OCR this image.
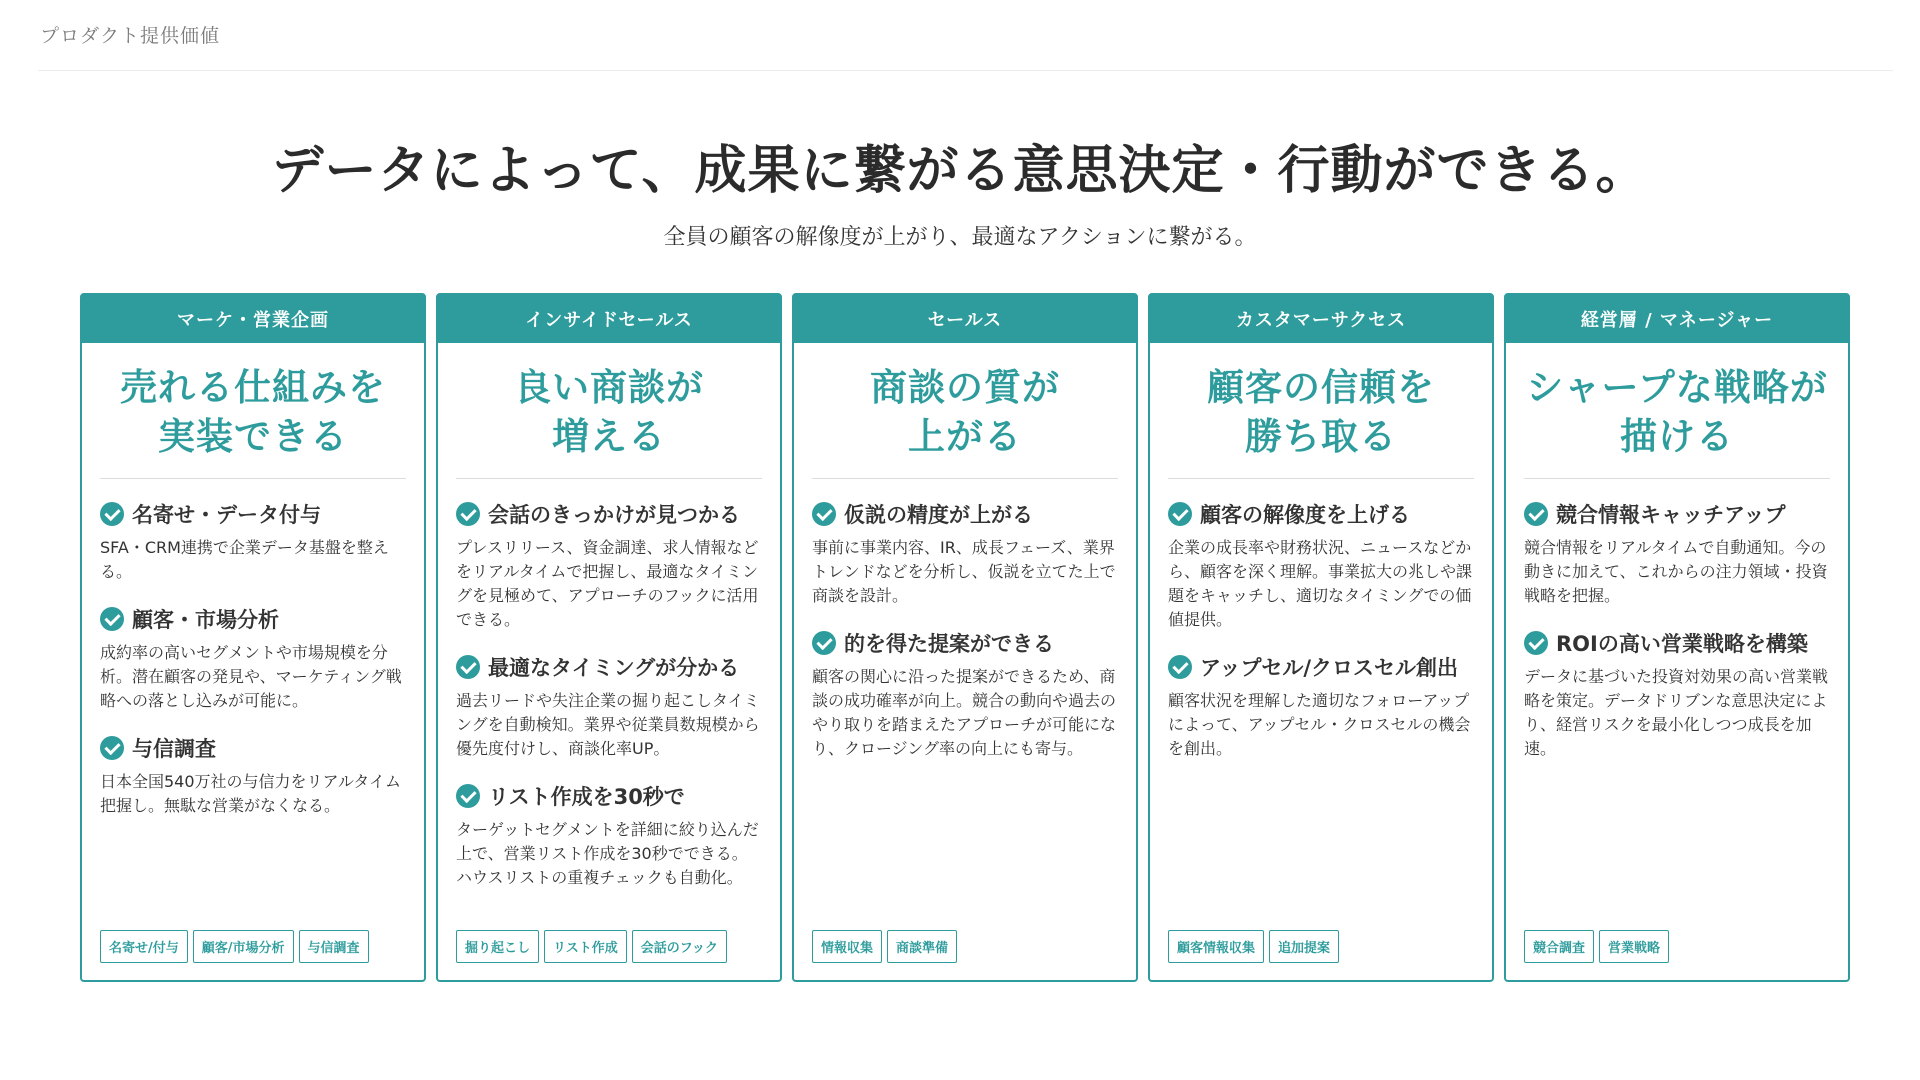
プロダクト提供価値
データによって、成果に繋がる意思決定・行動ができる。

全員の顧客の解像度が上がり、最適なアクションに繋がる。

マーケ・営業企画
売れる仕組みを
実装できる
名寄せ・データ付与
SFA・CRM連携で企業データ基盤を整える。
顧客・市場分析
成約率の高いセグメントや市場規模を分析。潜在顧客の発見や、マーケティング戦略への落とし込みが可能に。
与信調査
日本全国540万社の与信力をリアルタイム把握し。無駄な営業がなくなる。
名寄せ/付与	顧客/市場分析	与信調査
インサイドセールス
良い商談が
増える
会話のきっかけが見つかる
プレスリリース、資金調達、求人情報などをリアルタイムで把握し、最適なタイミングを見極めて、アプローチのフックに活用できる。
最適なタイミングが分かる
過去リードや失注企業の掘り起こしタイミングを自動検知。業界や従業員数規模から優先度付けし、商談化率UP。
リスト作成を30秒で
ターゲットセグメントを詳細に絞り込んだ上で、営業リスト作成を30秒でできる。ハウスリストの重複チェックも自動化。
掘り起こし	リスト作成	会話のフック
セールス
商談の質が
上がる
仮説の精度が上がる
事前に事業内容、IR、成長フェーズ、業界トレンドなどを分析し、仮説を立てた上で商談を設計。
的を得た提案ができる
顧客の関心に沿った提案ができるため、商談の成功確率が向上。競合の動向や過去のやり取りを踏まえたアプローチが可能になり、クロージング率の向上にも寄与。
情報収集	商談準備
カスタマーサクセス
顧客の信頼を
勝ち取る
顧客の解像度を上げる
企業の成長率や財務状況、ニュースなどから、顧客を深く理解。事業拡大の兆しや課題をキャッチし、適切なタイミングでの価値提供。
アップセル/クロスセル創出
顧客状況を理解した適切なフォローアップによって、アップセル・クロスセルの機会を創出。
顧客情報収集	追加提案
経営層 / マネージャー
シャープな戦略が
描ける
競合情報キャッチアップ
競合情報をリアルタイムで自動通知。今の動きに加えて、これからの注力領域・投資戦略を把握。
ROIの高い営業戦略を構築
データに基づいた投資対効果の高い営業戦略を策定。データドリブンな意思決定により、経営リスクを最小化しつつ成長を加速。
競合調査	営業戦略
